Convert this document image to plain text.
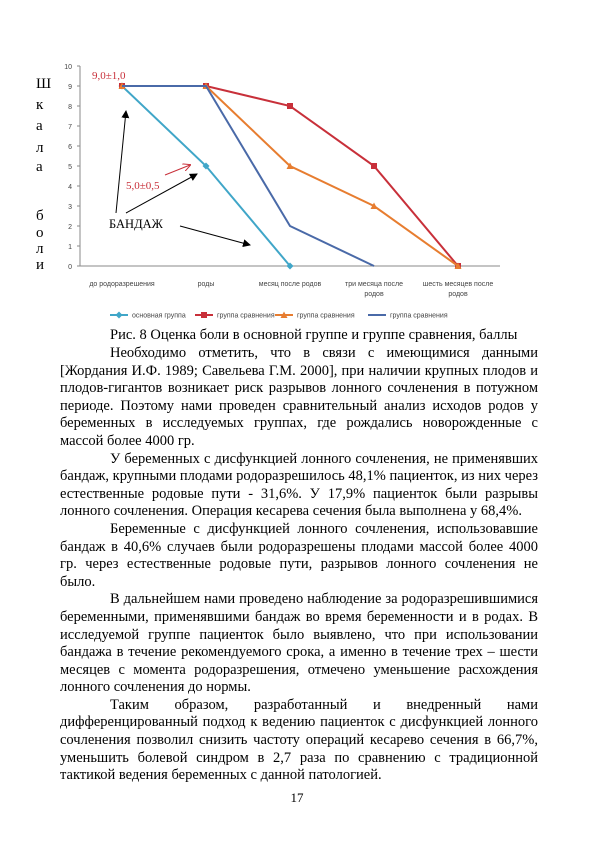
0
1
2
3
4
5
6
7
8
9
10
до родоразрешения	роды	месяц после родов	три месяца после родов
шесть месяцев после родов
основная группа	группа сравнения	группа сравнения	группа сравнения
9,0±1,0
5,0±0,5
БАНДАЖ
Ш
к
а
л
а
б
о
л
и
Рис. 8 Оценка боли в основной группе и группе сравнения, баллы

Необходимо отметить, что в связи с имеющимися данными [Жордания И.Ф. 1989; Савельева Г.М. 2000], при наличии крупных плодов и плодов-гигантов возникает риск разрывов лонного сочленения в потужном периоде. Поэтому нами проведен сравнительный анализ исходов родов у беременных в исследуемых группах, где рождались новорожденные с массой более 4000 гр.

У беременных с дисфункцией лонного сочленения, не применявших бандаж, крупными плодами родоразрешилось 48,1% пациенток, из них через естественные родовые пути - 31,6%. У 17,9% пациенток были разрывы лонного сочленения. Операция кесарева сечения была выполнена у 68,4%.

Беременные с дисфункцией лонного сочленения, использовавшие бандаж в 40,6% случаев были родоразрешены плодами массой более 4000 гр. через естественные родовые пути, разрывов лонного сочленения не было.

В дальнейшем нами проведено наблюдение за родоразрешившимися беременными, применявшими бандаж во время беременности и в родах. В исследуемой группе пациенток было выявлено, что при использовании бандажа в течение рекомендуемого срока, а именно в течение трех – шести месяцев с момента родоразрешения, отмечено уменьшение расхождения лонного сочленения до нормы.

Таким образом, разработанный и внедренный нами дифференцированный подход к ведению пациенток с дисфункцией лонного сочленения позволил снизить частоту операций кесарево сечения в 66,7%, уменьшить болевой синдром в 2,7 раза по сравнению с традиционной тактикой ведения беременных с данной патологией.

17
